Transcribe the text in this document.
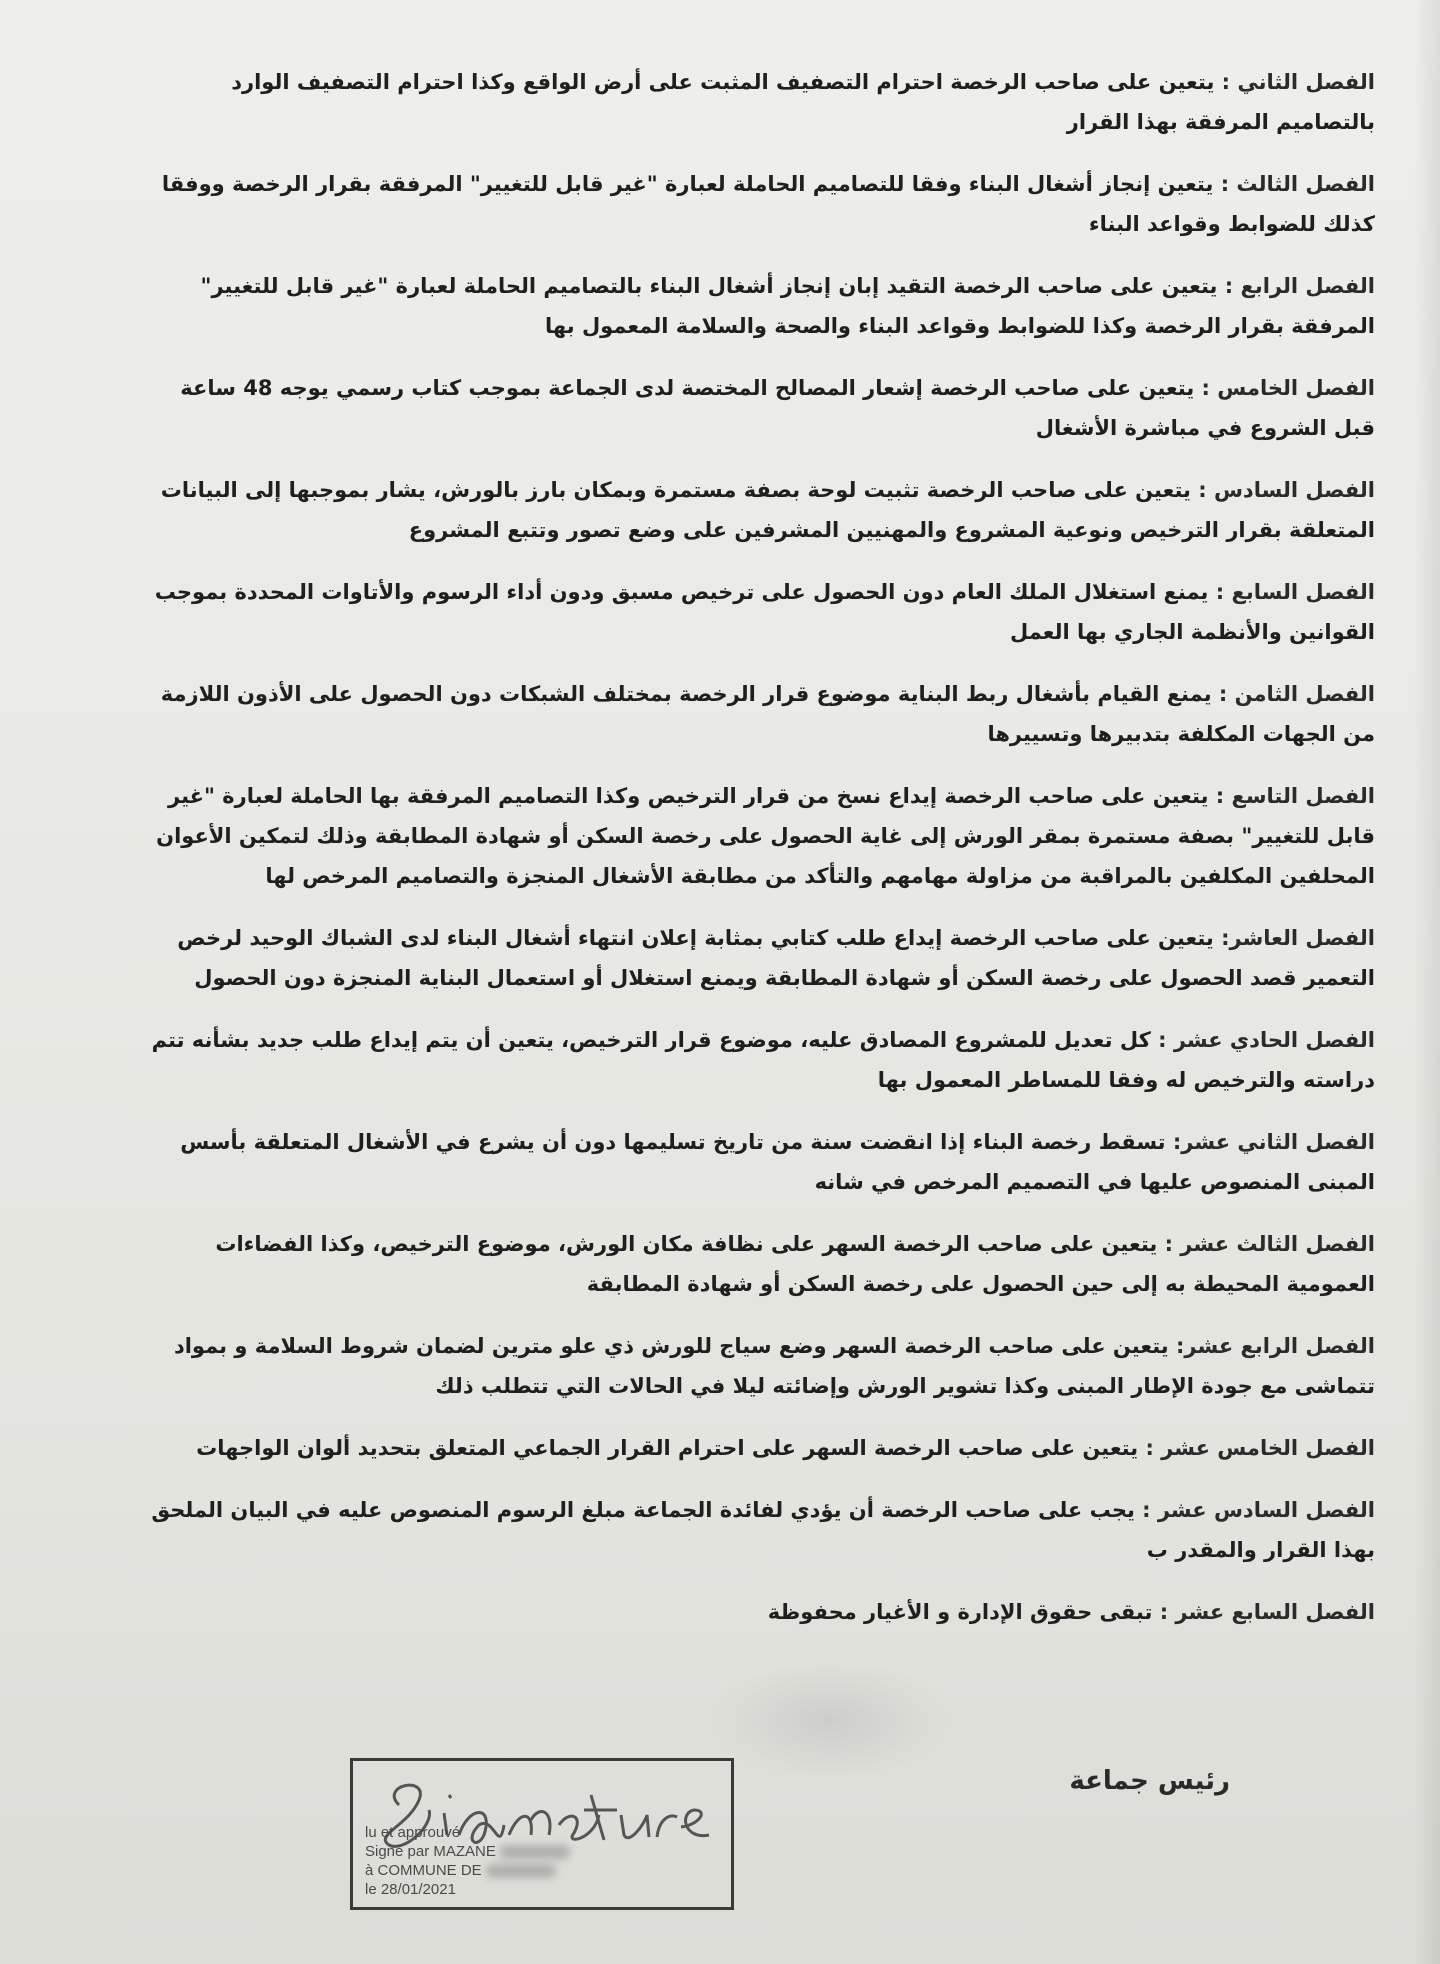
الفصل الثاني : يتعين على صاحب الرخصة احترام التصفيف المثبت على أرض الواقع وكذا احترام التصفيف الوارد بالتصاميم المرفقة بهذا القرار
الفصل الثالث : يتعين إنجاز أشغال البناء وفقا للتصاميم الحاملة لعبارة "غير قابل للتغيير" المرفقة بقرار الرخصة ووفقا كذلك للضوابط وقواعد البناء
الفصل الرابع : يتعين على صاحب الرخصة التقيد إبان إنجاز أشغال البناء بالتصاميم الحاملة لعبارة "غير قابل للتغيير" المرفقة بقرار الرخصة وكذا للضوابط وقواعد البناء والصحة والسلامة المعمول بها
الفصل الخامس : يتعين على صاحب الرخصة إشعار المصالح المختصة لدى الجماعة بموجب كتاب رسمي يوجه 48 ساعة قبل الشروع في مباشرة الأشغال
الفصل السادس : يتعين على صاحب الرخصة تثبيت لوحة بصفة مستمرة وبمكان بارز بالورش، يشار بموجبها إلى البيانات المتعلقة بقرار الترخيص ونوعية المشروع والمهنيين المشرفين على وضع تصور وتتبع المشروع
الفصل السابع : يمنع استغلال الملك العام دون الحصول على ترخيص مسبق ودون أداء الرسوم والأتاوات المحددة بموجب القوانين والأنظمة الجاري بها العمل
الفصل الثامن : يمنع القيام بأشغال ربط البناية موضوع قرار الرخصة بمختلف الشبكات دون الحصول على الأذون اللازمة من الجهات المكلفة بتدبيرها وتسييرها
الفصل التاسع : يتعين على صاحب الرخصة إيداع نسخ من قرار الترخيص وكذا التصاميم المرفقة بها الحاملة لعبارة "غير قابل للتغيير" بصفة مستمرة بمقر الورش إلى غاية الحصول على رخصة السكن أو شهادة المطابقة وذلك لتمكين الأعوان المحلفين المكلفين بالمراقبة من مزاولة مهامهم والتأكد من مطابقة الأشغال المنجزة والتصاميم المرخص لها
الفصل العاشر: يتعين على صاحب الرخصة إيداع طلب كتابي بمثابة إعلان انتهاء أشغال البناء لدى الشباك الوحيد لرخص التعمير قصد الحصول على رخصة السكن أو شهادة المطابقة ويمنع استغلال أو استعمال البناية المنجزة دون الحصول
الفصل الحادي عشر : كل تعديل للمشروع المصادق عليه، موضوع قرار الترخيص، يتعين أن يتم إيداع طلب جديد بشأنه تتم دراسته والترخيص له وفقا للمساطر المعمول بها
الفصل الثاني عشر: تسقط رخصة البناء إذا انقضت سنة من تاريخ تسليمها دون أن يشرع في الأشغال المتعلقة بأسس المبنى المنصوص عليها في التصميم المرخص في شانه
الفصل الثالث عشر : يتعين على صاحب الرخصة السهر على نظافة مكان الورش، موضوع الترخيص، وكذا الفضاءات العمومية المحيطة به إلى حين الحصول على رخصة السكن أو شهادة المطابقة
الفصل الرابع عشر: يتعين على صاحب الرخصة السهر وضع سياج للورش ذي علو مترين لضمان شروط السلامة و بمواد تتماشى مع جودة الإطار المبنى وكذا تشوير الورش وإضائته ليلا في الحالات التي تتطلب ذلك
الفصل الخامس عشر : يتعين على صاحب الرخصة السهر على احترام القرار الجماعي المتعلق بتحديد ألوان الواجهات
الفصل السادس عشر : يجب على صاحب الرخصة أن يؤدي لفائدة الجماعة مبلغ الرسوم المنصوص عليه في البيان الملحق بهذا القرار والمقدر ب
الفصل السابع عشر : تبقى حقوق الإدارة و الأغيار محفوظة
رئيس جماعة
lu et approuvé
Signé par MAZANE
à COMMUNE DE
le 28/01/2021
